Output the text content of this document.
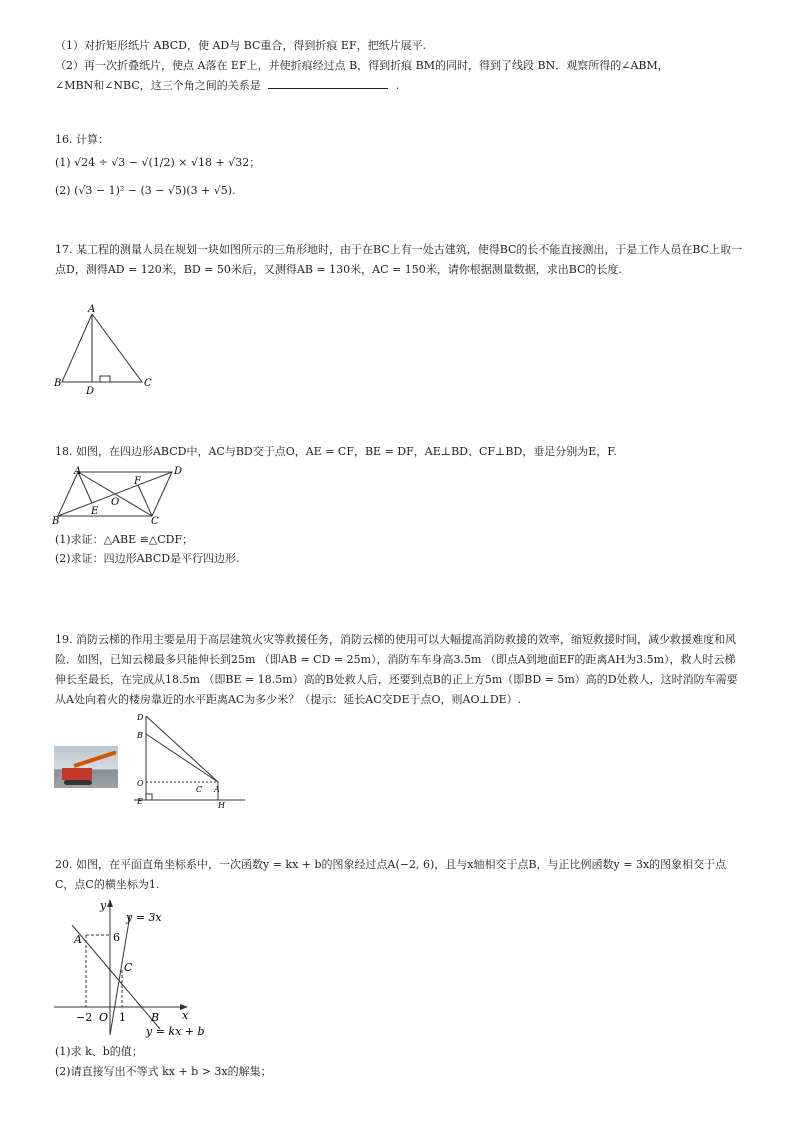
（1）对折矩形纸片 ABCD，使 AD与 BC重合，得到折痕 EF，把纸片展平.
（2）再一次折叠纸片，使点 A落在 EF上，并使折痕经过点 B，得到折痕 BM的同时，得到了线段 BN．观察所得的∠ABM，
∠MBN和∠NBC，这三个角之间的关系是	.
16. 计算：
(1) √24 ÷ √3 − √(1/2) × √18 + √32；
(2) (√3 − 1)² − (3 − √5)(3 + √5).
17. 某工程的测量人员在规划一块如图所示的三角形地时，由于在BC上有一处古建筑，使得BC的长不能直接测出，于是工作人员在BC上取一点D，测得AD = 120米，BD = 50米后，又测得AB = 130米，AC = 150米，请你根据测量数据，求出BC的长度.
A
B	C
D
18. 如图，在四边形ABCD中，AC与BD交于点O，AE = CF，BE = DF，AE⊥BD、CF⊥BD，垂足分别为E，F.
A	D
B	C
E
F
O
(1)求证：△ABE ≌△CDF；
(2)求证：四边形ABCD是平行四边形.
19. 消防云梯的作用主要是用于高层建筑火灾等救援任务，消防云梯的使用可以大幅提高消防救援的效率，缩短救援时间，减少救援难度和风险．如图，已知云梯最多只能伸长到25m （即AB = CD = 25m），消防车车身高3.5m （即点A到地面EF的距离AH为3.5m），救人时云梯伸长至最长，在完成从18.5m （即BE = 18.5m）高的B处救人后，还要到点B的正上方5m（即BD = 5m）高的D处救人，这时消防车需要从A处向着火的楼房靠近的水平距离AC为多少米？（提示：延长AC交DE于点O，则AO⊥DE）.
D
B
O
E
C A
H
20. 如图，在平面直角坐标系中，一次函数y = kx + b的图象经过点A(−2, 6)，且与x轴相交于点B，与正比例函数y = 3x的图象相交于点C，点C的横坐标为1.
y
x
O
A
B
C
6
−2 1
y = 3x
y = kx + b
(1)求 k、b的值；
(2)请直接写出不等式 kx + b > 3x的解集；
